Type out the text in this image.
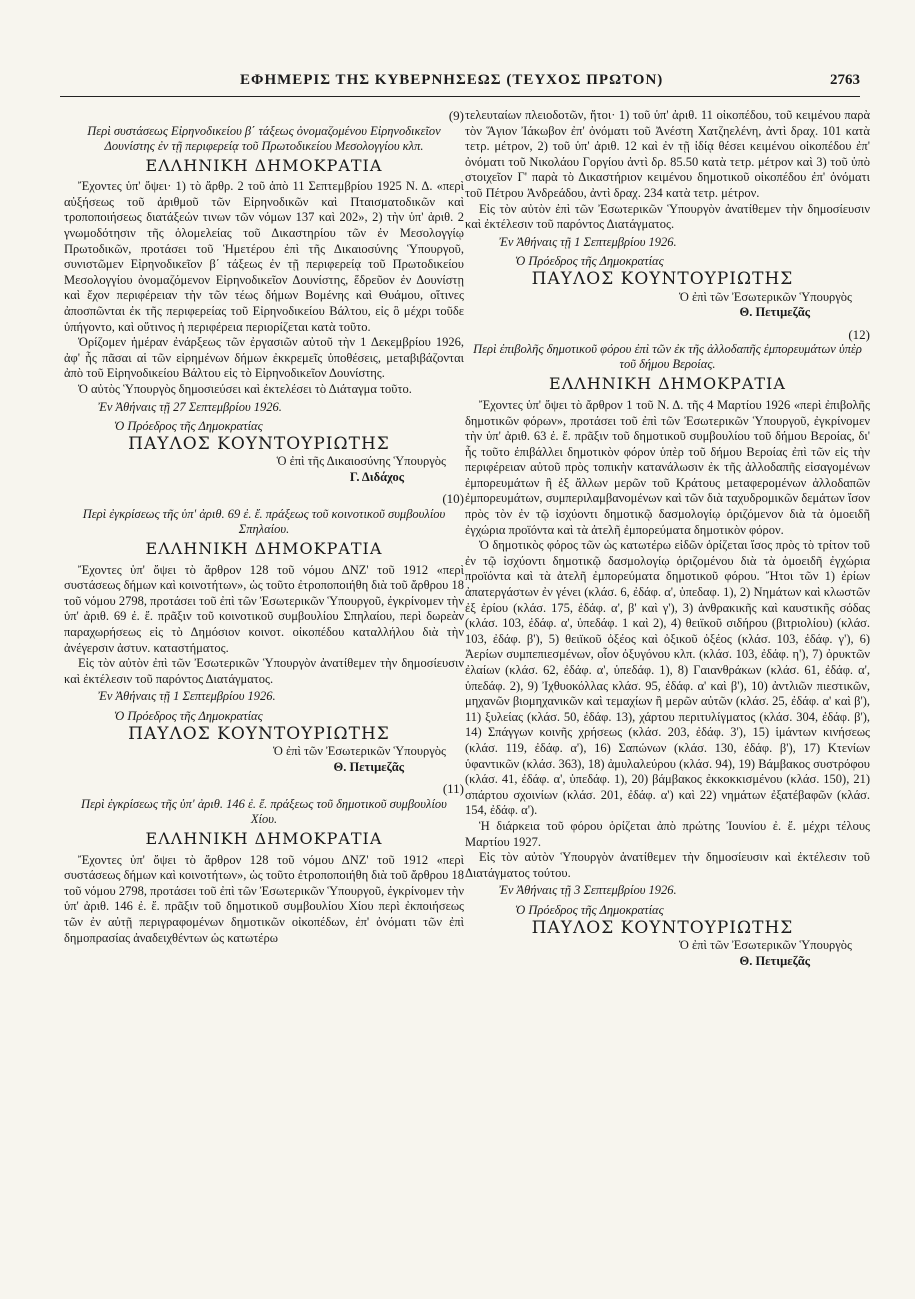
ΕΦΗΜΕΡΙΣ ΤΗΣ ΚΥΒΕΡΝΗΣΕΩΣ (ΤΕΥΧΟΣ ΠΡΩΤΟΝ)	2763
(9)
Περὶ συστάσεως Εἰρηνοδικείου β΄ τάξεως ὀνομαζομένου Εἰρηνοδικεῖον Δουνίστης ἐν τῇ περιφερείᾳ τοῦ Πρωτοδικείου Μεσολογγίου κλπ.
ΕΛΛΗΝΙΚΗ ΔΗΜΟΚΡΑΤΙΑ

Ἔχοντες ὑπ' ὄψει· 1) τὸ ἄρθρ. 2 τοῦ ἀπὸ 11 Σεπτεμβρίου 1925 Ν. Δ. «περὶ αὐξήσεως τοῦ ἀριθμοῦ τῶν Εἰρηνοδικῶν καὶ Πταισματοδικῶν καὶ τροποποιήσεως διατάξεών τινων τῶν νόμων 137 καὶ 202», 2) τὴν ὑπ' ἀριθ. 2 γνωμοδότησιν τῆς ὁλομελείας τοῦ Δικαστηρίου τῶν ἐν Μεσολογγίῳ Πρωτοδικῶν, προτάσει τοῦ Ἡμετέρου ἐπὶ τῆς Δικαιοσύνης Ὑπουργοῦ, συνιστῶμεν Εἰρηνοδικεῖον β΄ τάξεως ἐν τῇ περιφερείᾳ τοῦ Πρωτοδικείου Μεσολογγίου ὀνομαζόμενον Εἰρηνοδικεῖον Δουνίστης, ἕδρεῦον ἐν Δουνίστῃ καὶ ἔχον περιφέρειαν τὴν τῶν τέως δήμων Βομένης καὶ Θυάμου, οἵτινες ἀποσπῶνται ἐκ τῆς περιφερείας τοῦ Εἰρηνοδικείου Βάλτου, εἰς ὃ μέχρι τοῦδε ὑπήγοντο, καὶ οὕτινος ἡ περιφέρεια περιορίζεται κατὰ τοῦτο.

Ὁρίζομεν ἡμέραν ἐνάρξεως τῶν ἐργασιῶν αὐτοῦ τὴν 1 Δεκεμβρίου 1926, ἀφ' ἧς πᾶσαι αἱ τῶν εἰρημένων δήμων ἐκκρεμεῖς ὑποθέσεις, μεταβιβάζονται ἀπὸ τοῦ Εἰρηνοδικείου Βάλτου εἰς τὸ Εἰρηνοδικεῖον Δουνίστης.

Ὁ αὐτὸς Ὑπουργὸς δημοσιεύσει καὶ ἐκτελέσει τὸ Διάταγμα τοῦτο.

Ἐν Ἀθήναις τῇ 27 Σεπτεμβρίου 1926.

Ὁ Πρόεδρος τῆς Δημοκρατίας

ΠΑΥΛΟΣ ΚΟΥΝΤΟΥΡΙΩΤΗΣ
Ὁ ἐπὶ τῆς Δικαιοσύνης Ὑπουργὸς
Γ. Διδάχος
(10)
Περὶ ἐγκρίσεως τῆς ὑπ' ἀριθ. 69 ἐ. ἔ. πράξεως τοῦ κοινοτικοῦ συμβουλίου Σπηλαίου.
ΕΛΛΗΝΙΚΗ ΔΗΜΟΚΡΑΤΙΑ

Ἔχοντες ὑπ' ὄψει τὸ ἄρθρον 128 τοῦ νόμου ΔΝΖ' τοῦ 1912 «περὶ συστάσεως δήμων καὶ κοινοτήτων», ὡς τοῦτο ἐτροποποιήθη διὰ τοῦ ἄρθρου 18 τοῦ νόμου 2798, προτάσει τοῦ ἐπὶ τῶν Ἐσωτερικῶν Ὑπουργοῦ, ἐγκρίνομεν τὴν ὑπ' ἀριθ. 69 ἐ. ἔ. πρᾶξιν τοῦ κοινοτικοῦ συμβουλίου Σπηλαίου, περὶ δωρεὰν παραχωρήσεως εἰς τὸ Δημόσιον κοινοτ. οἰκοπέδου καταλλήλου διὰ τὴν ἀνέγερσιν ἀστυν. καταστήματος.

Εἰς τὸν αὐτὸν ἐπὶ τῶν Ἐσωτερικῶν Ὑπουργὸν ἀνατίθεμεν τὴν δημοσίευσιν καὶ ἐκτέλεσιν τοῦ παρόντος Διατάγματος.

Ἐν Ἀθήναις τῇ 1 Σεπτεμβρίου 1926.

Ὁ Πρόεδρος τῆς Δημοκρατίας

ΠΑΥΛΟΣ ΚΟΥΝΤΟΥΡΙΩΤΗΣ
Ὁ ἐπὶ τῶν Ἐσωτερικῶν Ὑπουργὸς
Θ. Πετιμεζᾶς
(11)
Περὶ ἐγκρίσεως τῆς ὑπ' ἀριθ. 146 ἐ. ἔ. πράξεως τοῦ δημοτικοῦ συμβουλίου Χίου.
ΕΛΛΗΝΙΚΗ ΔΗΜΟΚΡΑΤΙΑ

Ἔχοντες ὑπ' ὄψει τὸ ἄρθρον 128 τοῦ νόμου ΔΝΖ' τοῦ 1912 «περὶ συστάσεως δήμων καὶ κοινοτήτων», ὡς τοῦτο ἐτροποποιήθη διὰ τοῦ ἄρθρου 18 τοῦ νόμου 2798, προτάσει τοῦ ἐπὶ τῶν Ἐσωτερικῶν Ὑπουργοῦ, ἐγκρίνομεν τὴν ὑπ' ἀριθ. 146 ἐ. ἔ. πρᾶξιν τοῦ δημοτικοῦ συμβουλίου Χίου περὶ ἐκποιήσεως τῶν ἐν αὐτῇ περιγραφομένων δημοτικῶν οἰκοπέδων, ἐπ' ὀνόματι τῶν ἐπὶ δημοπρασίας ἀναδειχθέντων ὡς κατωτέρω

τελευταίων πλειοδοτῶν, ἤτοι· 1) τοῦ ὑπ' ἀριθ. 11 οἰκοπέδου, τοῦ κειμένου παρὰ τὸν Ἅγιον Ἰάκωβον ἐπ' ὀνόματι τοῦ Ἀνέστη Χατζηελένη, ἀντὶ δραχ. 101 κατὰ τετρ. μέτρον, 2) τοῦ ὑπ' ἀριθ. 12 καὶ ἐν τῇ ἰδίᾳ θέσει κειμένου οἰκοπέδου ἐπ' ὀνόματι τοῦ Νικολάου Γοργίου ἀντὶ δρ. 85.50 κατὰ τετρ. μέτρον καὶ 3) τοῦ ὑπὸ στοιχεῖον Γ' παρὰ τὸ Δικαστήριον κειμένου δημοτικοῦ οἰκοπέδου ἐπ' ὀνόματι τοῦ Πέτρου Ἀνδρεάδου, ἀντὶ δραχ. 234 κατὰ τετρ. μέτρον.

Εἰς τὸν αὐτὸν ἐπὶ τῶν Ἐσωτερικῶν Ὑπουργὸν ἀνατίθεμεν τὴν δημοσίευσιν καὶ ἐκτέλεσιν τοῦ παρόντος Διατάγματος.

Ἐν Ἀθήναις τῇ 1 Σεπτεμβρίου 1926.

Ὁ Πρόεδρος τῆς Δημοκρατίας

ΠΑΥΛΟΣ ΚΟΥΝΤΟΥΡΙΩΤΗΣ
Ὁ ἐπὶ τῶν Ἐσωτερικῶν Ὑπουργὸς
Θ. Πετιμεζᾶς
(12)
Περὶ ἐπιβολῆς δημοτικοῦ φόρου ἐπὶ τῶν ἐκ τῆς ἀλλοδαπῆς ἐμπορευμάτων ὑπὲρ τοῦ δήμου Βεροίας.
ΕΛΛΗΝΙΚΗ ΔΗΜΟΚΡΑΤΙΑ

Ἔχοντες ὑπ' ὄψει τὸ ἄρθρον 1 τοῦ Ν. Δ. τῆς 4 Μαρτίου 1926 «περὶ ἐπιβολῆς δημοτικῶν φόρων», προτάσει τοῦ ἐπὶ τῶν Ἐσωτερικῶν Ὑπουργοῦ, ἐγκρίνομεν τὴν ὑπ' ἀριθ. 63 ἐ. ἔ. πρᾶξιν τοῦ δημοτικοῦ συμβουλίου τοῦ δήμου Βεροίας, δι' ἧς τοῦτο ἐπιβάλλει δημοτικὸν φόρον ὑπὲρ τοῦ δήμου Βεροίας ἐπὶ τῶν εἰς τὴν περιφέρειαν αὐτοῦ πρὸς τοπικὴν κατανάλωσιν ἐκ τῆς ἀλλοδαπῆς εἰσαγομένων ἐμπορευμάτων ἢ ἐξ ἄλλων μερῶν τοῦ Κράτους μεταφερομένων ἀλλοδαπῶν ἐμπορευμάτων, συμπεριλαμβανομένων καὶ τῶν διὰ ταχυδρομικῶν δεμάτων ἴσον πρὸς τὸν ἐν τῷ ἰσχύοντι δημοτικῷ δασμολογίῳ ὁριζόμενον διὰ τὰ ὁμοειδῆ ἐγχώρια προϊόντα καὶ τὰ ἀτελῆ ἐμπορεύματα δημοτικὸν φόρον.

Ὁ δημοτικὸς φόρος τῶν ὡς κατωτέρω εἰδῶν ὁρίζεται ἴσος πρὸς τὸ τρίτον τοῦ ἐν τῷ ἰσχύοντι δημοτικῷ δασμολογίῳ ὁριζομένου διὰ τὰ ὁμοειδῆ ἐγχώρια προϊόντα καὶ τὰ ἀτελῆ ἐμπορεύματα δημοτικοῦ φόρου. Ἤτοι τῶν 1) ἐρίων ἀπατεργάστων ἐν γένει (κλάσ. 6, ἐδάφ. α', ὑπεδαφ. 1), 2) Νημάτων καὶ κλωστῶν ἐξ ἐρίου (κλάσ. 175, ἐδάφ. α', β' καὶ γ'), 3) ἀνθρακικῆς καὶ καυστικῆς σόδας (κλάσ. 103, ἐδάφ. α', ὑπεδάφ. 1 καὶ 2), 4) θειϊκοῦ σιδήρου (βιτριολίου) (κλάσ. 103, ἐδάφ. β'), 5) θειϊκοῦ ὀξέος καὶ ὀξικοῦ ὀξέος (κλάσ. 103, ἐδάφ. γ'), 6) Ἀερίων συμπεπιεσμένων, οἷον ὀξυγόνου κλπ. (κλάσ. 103, ἐδάφ. η'), 7) ὀρυκτῶν ἐλαίων (κλάσ. 62, ἐδάφ. α', ὑπεδάφ. 1), 8) Γαιανθράκων (κλάσ. 61, ἐδάφ. α', ὑπεδάφ. 2), 9) Ἰχθυοκόλλας κλάσ. 95, ἐδάφ. α' καὶ β'), 10) ἀντλιῶν πιεστικῶν, μηχανῶν βιομηχανικῶν καὶ τεμαχίων ἢ μερῶν αὐτῶν (κλάσ. 25, ἐδάφ. α' καὶ β'), 11) ξυλείας (κλάσ. 50, ἐδάφ. 13), χάρτου περιτυλίγματος (κλάσ. 304, ἐδάφ. β'), 14) Σπάγγων κοινῆς χρήσεως (κλάσ. 203, ἐδάφ. 3'), 15) ἱμάντων κινήσεως (κλάσ. 119, ἐδάφ. α'), 16) Σαπώνων (κλάσ. 130, ἐδάφ. β'), 17) Κτενίων ὑφαντικῶν (κλάσ. 363), 18) ἀμυλαλεύρου (κλάσ. 94), 19) Βάμβακος συστρόφου (κλάσ. 41, ἐδάφ. α', ὑπεδάφ. 1), 20) βάμβακος ἐκκοκκισμένου (κλάσ. 150), 21) σπάρτου σχοινίων (κλάσ. 201, ἐδάφ. α') καὶ 22) νημάτων ἐξατέβαφῶν (κλάσ. 154, ἐδάφ. α').

Ἡ διάρκεια τοῦ φόρου ὁρίζεται ἀπὸ πρώτης Ἰουνίου ἐ. ἔ. μέχρι τέλους Μαρτίου 1927.

Εἰς τὸν αὐτὸν Ὑπουργὸν ἀνατίθεμεν τὴν δημοσίευσιν καὶ ἐκτέλεσιν τοῦ Διατάγματος τούτου.

Ἐν Ἀθήναις τῇ 3 Σεπτεμβρίου 1926.

Ὁ Πρόεδρος τῆς Δημοκρατίας

ΠΑΥΛΟΣ ΚΟΥΝΤΟΥΡΙΩΤΗΣ
Ὁ ἐπὶ τῶν Ἐσωτερικῶν Ὑπουργὸς
Θ. Πετιμεζᾶς
